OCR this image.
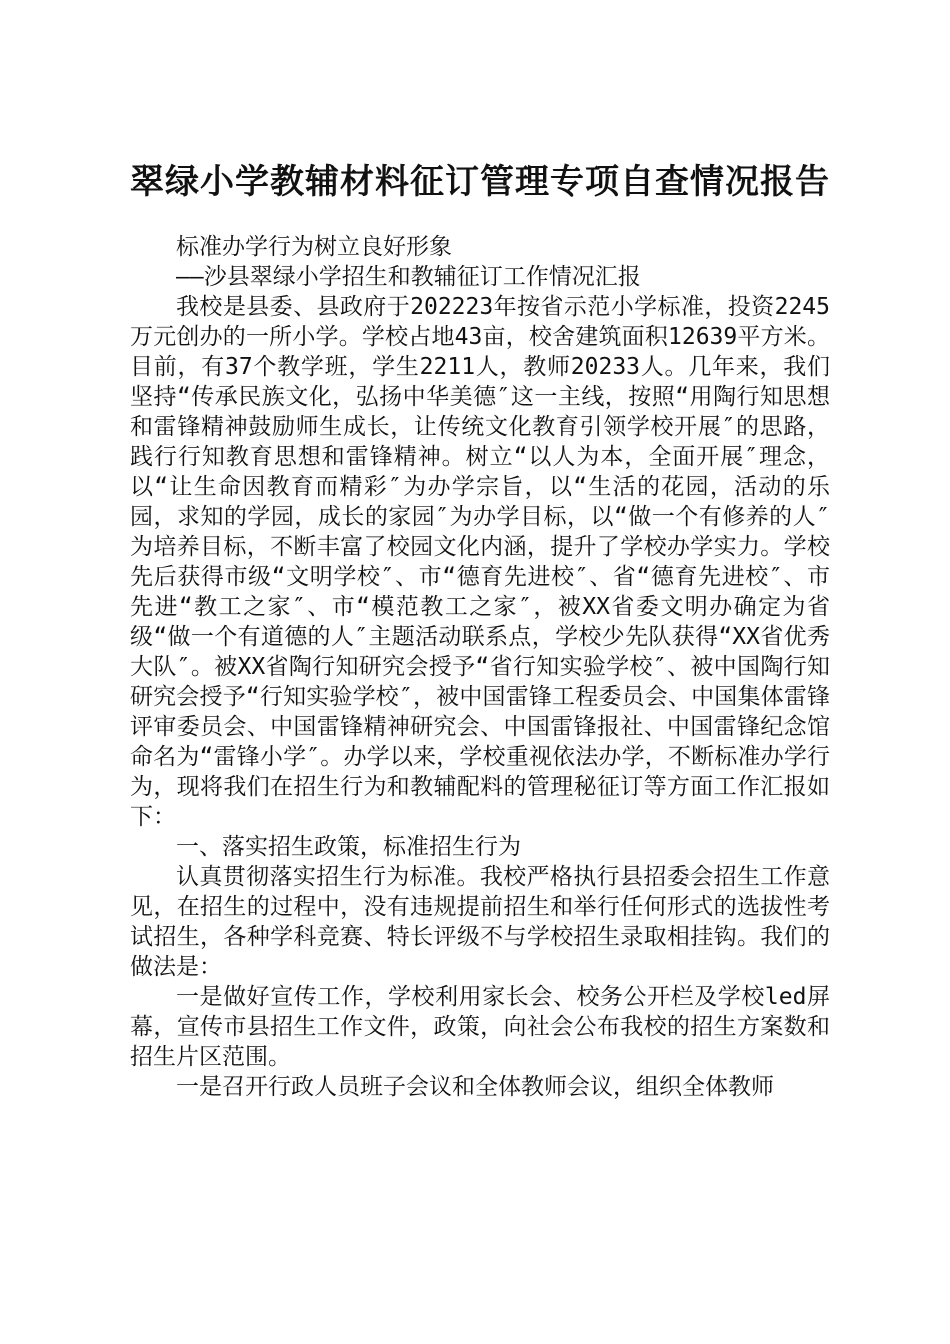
翠绿小学教辅材料征订管理专项自查情况报告

标准办学行为树立良好形象

——沙县翠绿小学招生和教辅征订工作情况汇报

我校是县委、县政府于202223年按省示范小学标准，投资2245万元创办的一所小学。学校占地43亩，校舍建筑面积12639平方米。目前，有37个教学班，学生2211人，教师20233人。几年来，我们坚持“传承民族文化，弘扬中华美德″这一主线，按照“用陶行知思想和雷锋精神鼓励师生成长，让传统文化教育引领学校开展″的思路，践行行知教育思想和雷锋精神。树立“以人为本，全面开展″理念，以“让生命因教育而精彩″为办学宗旨，以“生活的花园，活动的乐园，求知的学园，成长的家园″为办学目标，以“做一个有修养的人″为培养目标，不断丰富了校园文化内涵，提升了学校办学实力。学校先后获得市级“文明学校″、市“德育先进校″、省“德育先进校″、市先进“教工之家″、市“模范教工之家″，被XX省委文明办确定为省级“做一个有道德的人″主题活动联系点，学校少先队获得“XX省优秀大队″。被XX省陶行知研究会授予“省行知实验学校″、被中国陶行知研究会授予“行知实验学校″，被中国雷锋工程委员会、中国集体雷锋评审委员会、中国雷锋精神研究会、中国雷锋报社、中国雷锋纪念馆命名为“雷锋小学″。办学以来，学校重视依法办学，不断标准办学行为，现将我们在招生行为和教辅配料的管理秘征订等方面工作汇报如下：

一、落实招生政策，标准招生行为

认真贯彻落实招生行为标准。我校严格执行县招委会招生工作意见，在招生的过程中，没有违规提前招生和举行任何形式的选拔性考试招生，各种学科竞赛、特长评级不与学校招生录取相挂钩。我们的做法是：

一是做好宣传工作，学校利用家长会、校务公开栏及学校led屏幕，宣传市县招生工作文件，政策，向社会公布我校的招生方案数和招生片区范围。

一是召开行政人员班子会议和全体教师会议，组织全体教师
